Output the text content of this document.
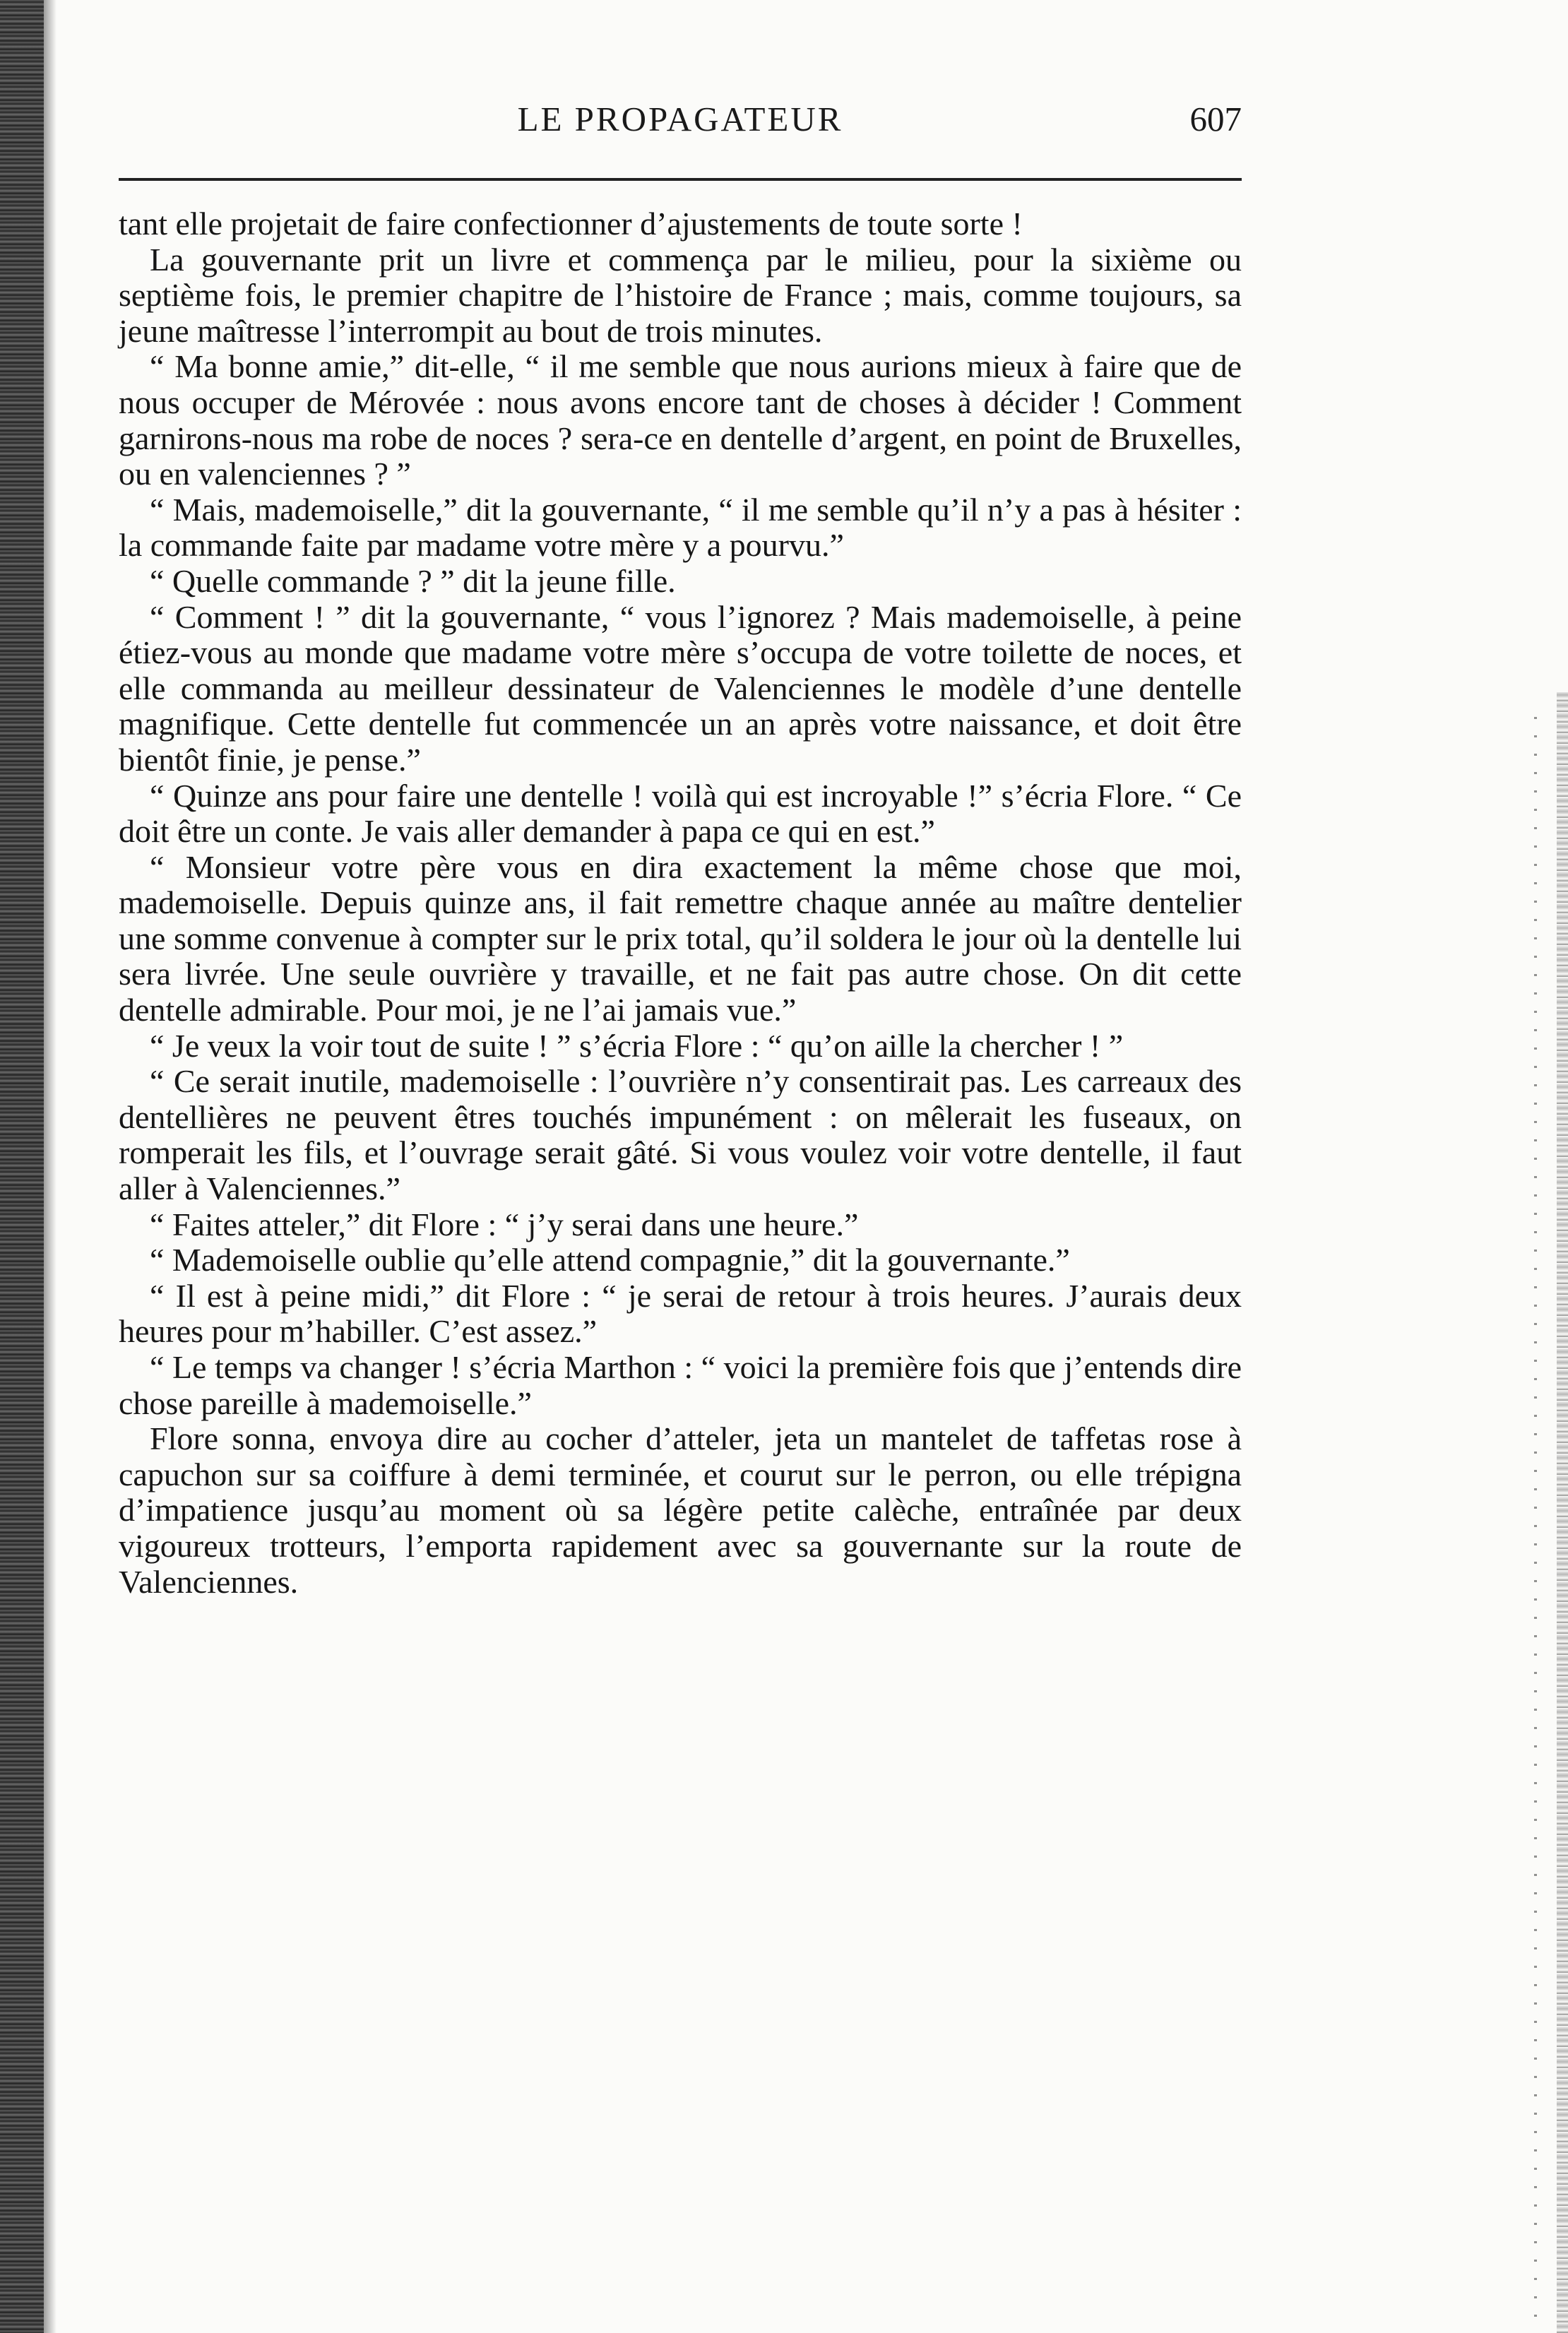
LE PROPAGATEUR	607

tant elle projetait de faire confectionner d’ajustements de toute sorte !

La gouvernante prit un livre et commença par le milieu, pour la sixième ou septième fois, le premier chapitre de l’histoire de France ; mais, comme toujours, sa jeune maîtresse l’interrompit au bout de trois minutes.

“ Ma bonne amie,” dit-elle, “ il me semble que nous aurions mieux à faire que de nous occuper de Mérovée : nous avons encore tant de choses à décider ! Comment garnirons-nous ma robe de noces ? sera-ce en dentelle d’argent, en point de Bruxelles, ou en valenciennes ? ”

“ Mais, mademoiselle,” dit la gouvernante, “ il me semble qu’il n’y a pas à hésiter : la commande faite par madame votre mère y a pourvu.”

“ Quelle commande ? ” dit la jeune fille.

“ Comment ! ” dit la gouvernante, “ vous l’ignorez ? Mais mademoiselle, à peine étiez-vous au monde que madame votre mère s’occupa de votre toilette de noces, et elle commanda au meilleur dessinateur de Valenciennes le modèle d’une dentelle magnifique. Cette dentelle fut commencée un an après votre naissance, et doit être bientôt finie, je pense.”

“ Quinze ans pour faire une dentelle ! voilà qui est incroyable !” s’écria Flore. “ Ce doit être un conte. Je vais aller demander à papa ce qui en est.”

“ Monsieur votre père vous en dira exactement la même chose que moi, mademoiselle. Depuis quinze ans, il fait remettre chaque année au maître dentelier une somme convenue à compter sur le prix total, qu’il soldera le jour où la dentelle lui sera livrée. Une seule ouvrière y travaille, et ne fait pas autre chose. On dit cette dentelle admirable. Pour moi, je ne l’ai jamais vue.”

“ Je veux la voir tout de suite ! ” s’écria Flore : “ qu’on aille la chercher ! ”

“ Ce serait inutile, mademoiselle : l’ouvrière n’y consentirait pas. Les carreaux des dentellières ne peuvent êtres touchés impunément : on mêlerait les fuseaux, on romperait les fils, et l’ouvrage serait gâté. Si vous voulez voir votre dentelle, il faut aller à Valenciennes.”

“ Faites atteler,” dit Flore : “ j’y serai dans une heure.”

“ Mademoiselle oublie qu’elle attend compagnie,” dit la gouvernante.”

“ Il est à peine midi,” dit Flore : “ je serai de retour à trois heures. J’aurais deux heures pour m’habiller. C’est assez.”

“ Le temps va changer ! s’écria Marthon : “ voici la première fois que j’entends dire chose pareille à mademoiselle.”

Flore sonna, envoya dire au cocher d’atteler, jeta un mantelet de taffetas rose à capuchon sur sa coiffure à demi terminée, et courut sur le perron, ou elle trépigna d’impatience jusqu’au moment où sa légère petite calèche, entraînée par deux vigoureux trotteurs, l’emporta rapidement avec sa gouvernante sur la route de Valenciennes.
